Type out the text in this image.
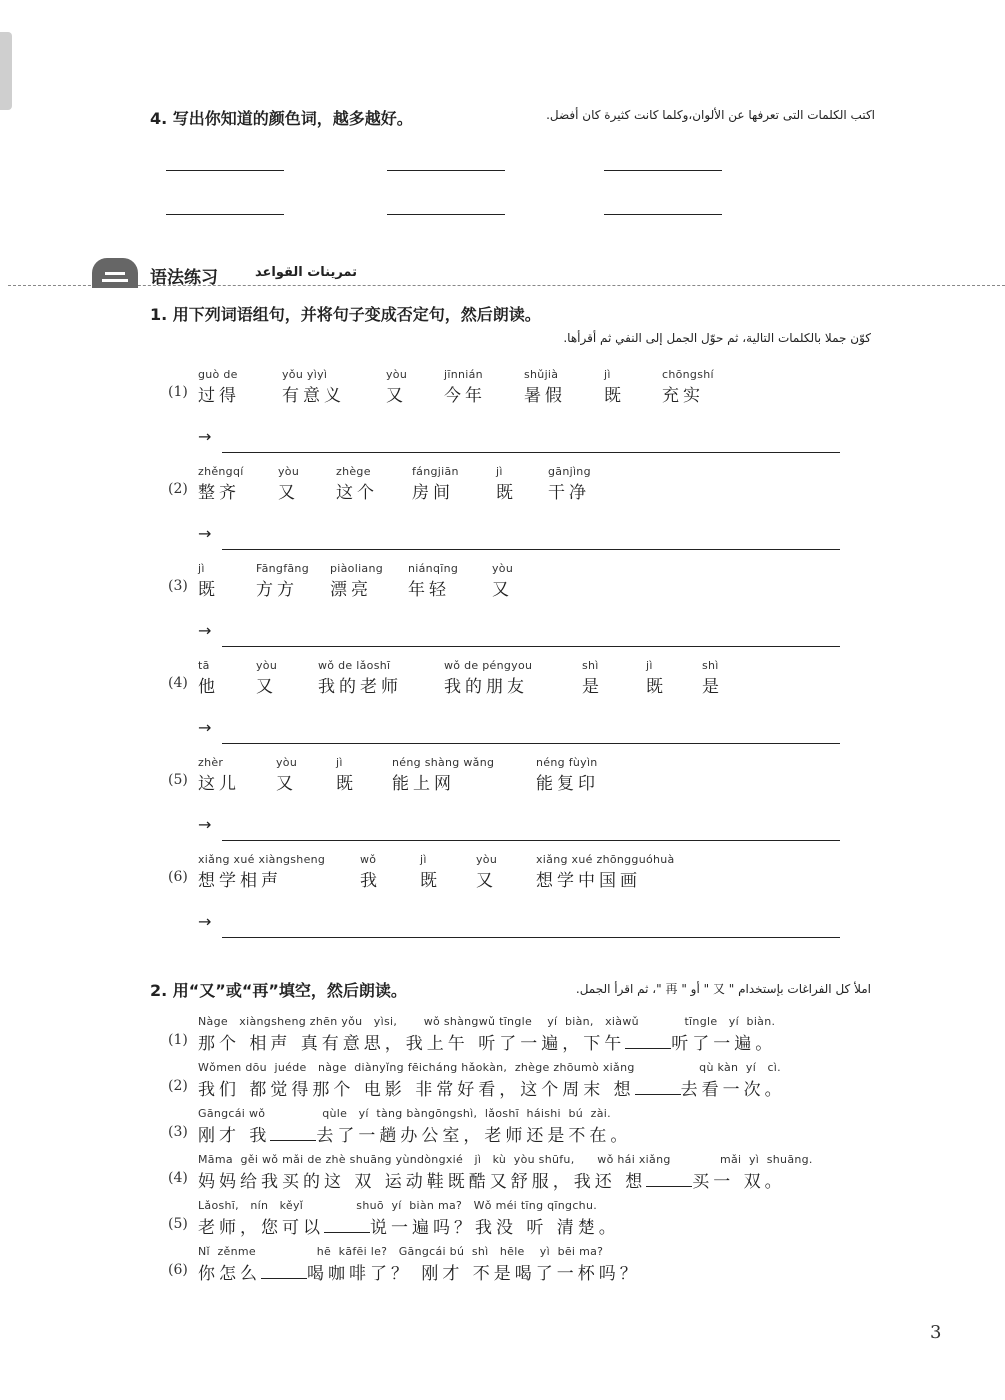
4. 写出你知道的颜色词，越多越好。	اكتب الكلمات التى تعرفها عن الألوان،وكلما كانت كثيرة كان أفضل.
语法练习	تمرينات القواعد
1. 用下列词语组句，并将句子变成否定句，然后朗读。
كوّن جملا بالكلمات التالية، ثم حوّل الجمل إلى النفي ثم أقرأها.
(1)
guò de
过得
yǒu yìyì
有意义
yòu
又
jīnnián
今年
shǔjià
暑假
jì
既
chōngshí
充实
→
(2)
zhěngqí
整齐
yòu
又
zhège
这个
fángjiān
房间
jì
既
gānjìng
干净
→
(3)
jì
既
Fāngfāng
方方
piàoliang
漂亮
niánqīng
年轻
yòu
又
→
(4)
tā
他
yòu
又
wǒ de lǎoshī
我的老师
wǒ de péngyou
我的朋友
shì
是
jì
既
shì
是
→
(5)
zhèr
这儿
yòu
又
jì
既
néng shàng wǎng
能上网
néng fùyìn
能复印
→
(6)
xiǎng xué xiàngsheng
想学相声
wǒ
我
jì
既
yòu
又
xiǎng xué zhōngguóhuà
想学中国画
→
2. 用“又”或“再”填空，然后朗读。	املأ كل الفراغات بإستخدام " 又 " أو " 再 "، ثم اقرأ الجمل.
(1)
Nàge   xiàngsheng zhēn yǒu   yìsi,       wǒ shàngwǔ tīngle    yí  biàn,   xiàwǔ            tīngle   yí  biàn.
那个 相声 真有意思，我上午 听了一遍，下午	听了一遍。
(2)
Wǒmen dōu  juéde   nàge  diànyǐng fēicháng hǎokàn,  zhège zhōumò xiǎng                 qù kàn  yí   cì.
我们 都觉得那个 电影 非常好看，这个周末 想	去看一次。
(3)
Gāngcái wǒ               qùle   yí  tàng bàngōngshì,  lǎoshī  háishi  bú  zài.
刚才 我	去了一趟办公室，老师还是不在。
(4)
Māma  gěi wǒ mǎi de zhè shuāng yùndòngxié   jì   kù  yòu shūfu,      wǒ hái xiǎng             mǎi  yì  shuāng.
妈妈给我买的这 双 运动鞋既酷又舒服，我还 想	买一 双。
(5)
Lǎoshī,   nín   kěyǐ              shuō  yí  biàn ma?   Wǒ méi tīng qīngchu.
老师，您可以	说一遍吗？我没 听 清楚。
(6)
Nǐ  zěnme                hē  kāfēi le?   Gāngcái bú  shì   hēle    yì  bēi ma?
你怎么	喝咖啡了？ 刚才 不是喝了一杯吗？
3
